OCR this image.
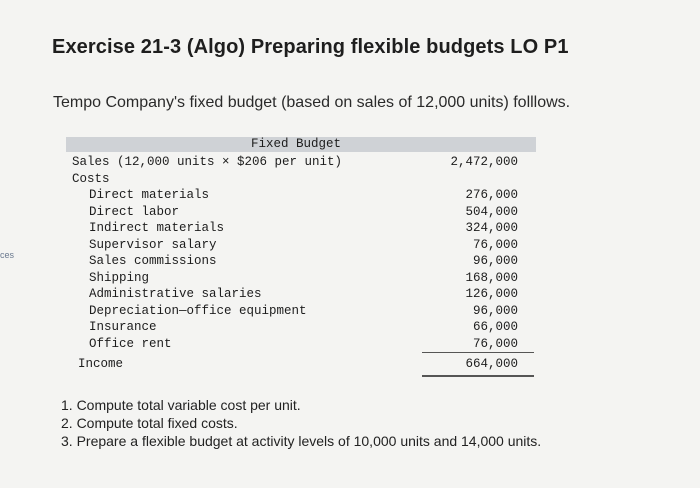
ces
Exercise 21-3 (Algo) Preparing flexible budgets LO P1
Tempo Company's fixed budget (based on sales of 12,000 units) folllows.
Fixed Budget
Sales (12,000 units × $206 per unit)	2,472,000
Costs
Direct materials	276,000
Direct labor	504,000
Indirect materials	324,000
Supervisor salary	76,000
Sales commissions	96,000
Shipping	168,000
Administrative salaries	126,000
Depreciation—office equipment	96,000
Insurance	66,000
Office rent	76,000
Income	664,000
1. Compute total variable cost per unit.
2. Compute total fixed costs.
3. Prepare a flexible budget at activity levels of 10,000 units and 14,000 units.
